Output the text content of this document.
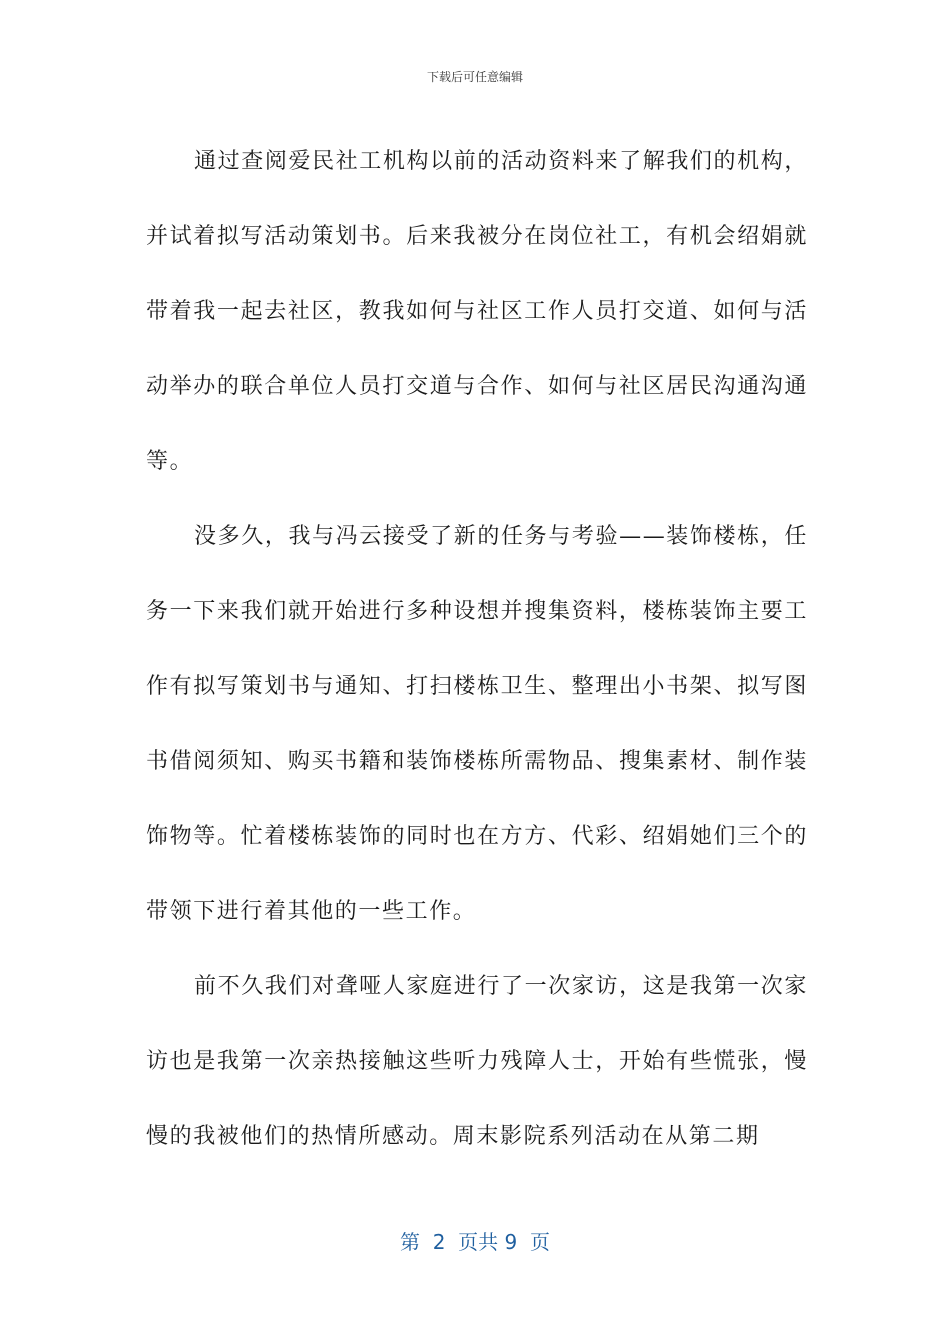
下载后可任意编辑

通过查阅爱民社工机构以前的活动资料来了解我们的机构，并试着拟写活动策划书。后来我被分在岗位社工，有机会绍娟就带着我一起去社区，教我如何与社区工作人员打交道、如何与活动举办的联合单位人员打交道与合作、如何与社区居民沟通沟通等。

没多久，我与冯云接受了新的任务与考验——装饰楼栋，任务一下来我们就开始进行多种设想并搜集资料，楼栋装饰主要工作有拟写策划书与通知、打扫楼栋卫生、整理出小书架、拟写图书借阅须知、购买书籍和装饰楼栋所需物品、搜集素材、制作装饰物等。忙着楼栋装饰的同时也在方方、代彩、绍娟她们三个的带领下进行着其他的一些工作。

前不久我们对聋哑人家庭进行了一次家访，这是我第一次家访也是我第一次亲热接触这些听力残障人士，开始有些慌张，慢慢的我被他们的热情所感动。周末影院系列活动在从第二期

第  2  页共 9  页
